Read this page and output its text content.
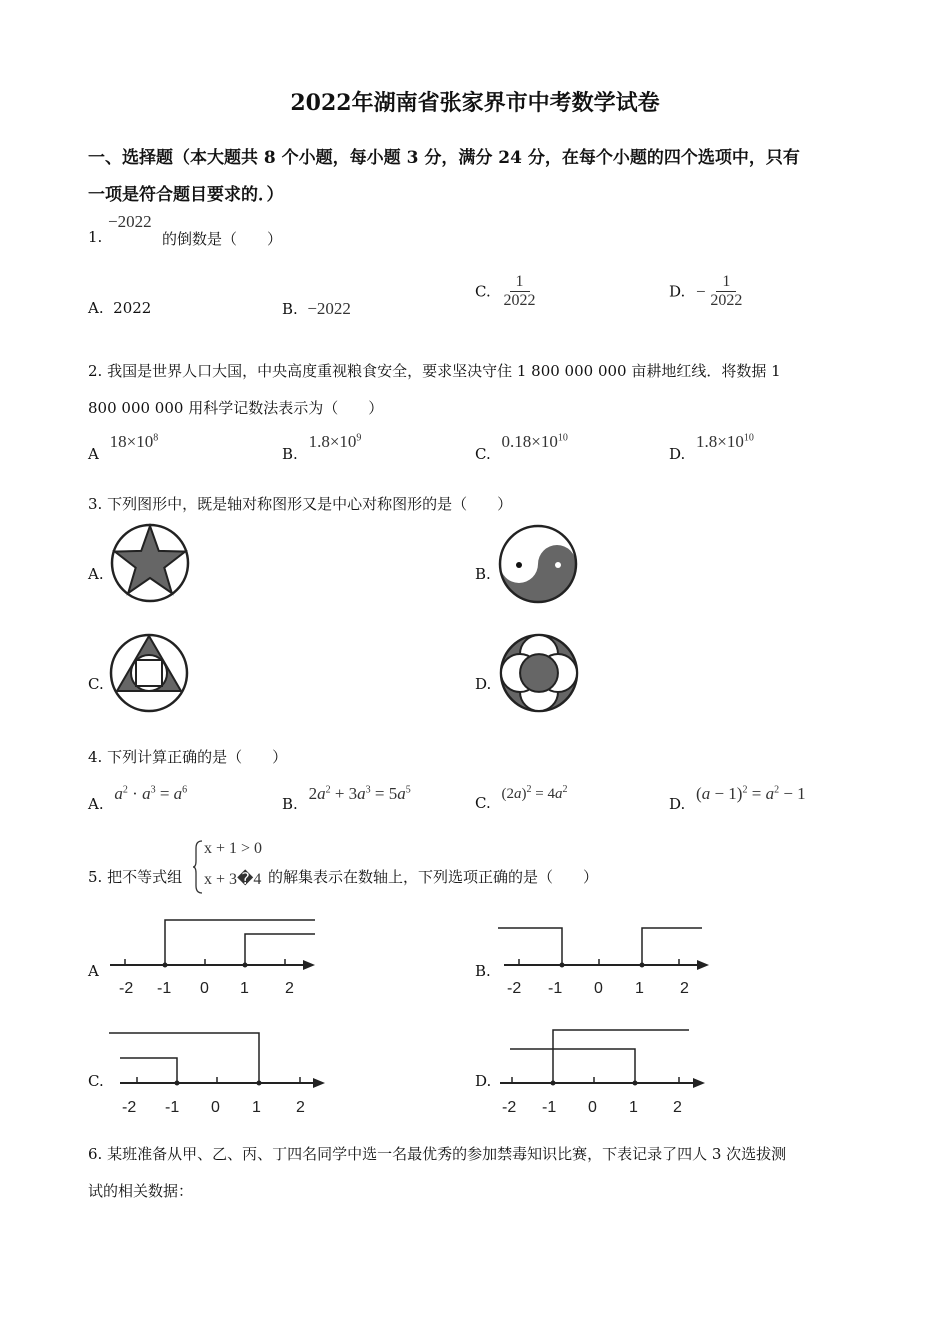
2022年湖南省张家界市中考数学试卷
一、选择题（本大题共 8 个小题，每小题 3 分，满分 24 分，在每个小题的四个选项中，只有
一项是符合题目要求的．）
1.
−2022
的倒数是（　　）
A. 2022	B. −2022
C. $\frac{1}{2022}$	D. − $\frac{1}{2022}$
2. 我国是世界人口大国，中央高度重视粮食安全，要求坚决守住 1 800 000 000 亩耕地红线．将数据 1
800 000 000 用科学记数法表示为（　　）
A $18\times 10^8$
B. $1.8\times 10^9$
C. $0.18\times 10^{10}$
D. $1.8\times 10^{10}$
3. 下列图形中，既是轴对称图形又是中心对称图形的是（　　）
A.	B.
C.	D.
4. 下列计算正确的是（　　）
A. $a^2 \cdot a^3 = a^6$
B. $2a^2 + 3a^3 = 5a^5$
C. $(2a)^2 = 4a^2$
D. $(a - 1)^2 = a^2 - 1$
5. 把不等式组
x + 1 > 0
x + 3�4 的解集表示在数轴上，下列选项正确的是（　　）
A	B.
C.	D.
-2 -1 0 1 2	-2 -1 0 1 2
-2 -1 0 1 2	-2 -1 0 1 2
6. 某班准备从甲、乙、丙、丁四名同学中选一名最优秀的参加禁毒知识比赛，下表记录了四人 3 次选拔测
试的相关数据：
